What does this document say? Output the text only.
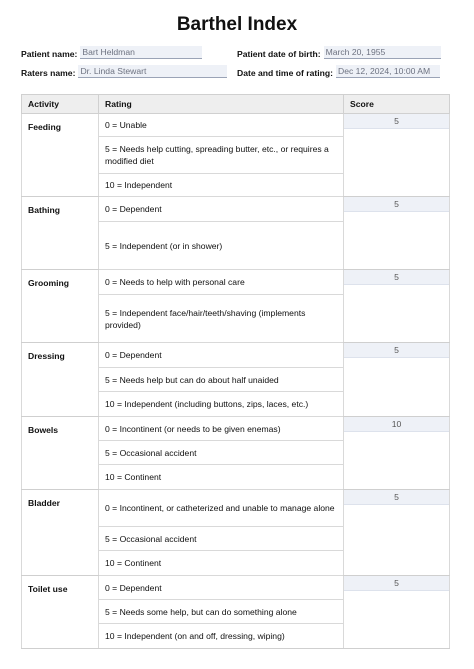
Barthel Index
Patient name: Bart Heldman	Patient date of birth: March 20, 1955
Raters name: Dr. Linda Stewart	Date and time of rating: Dec 12, 2024, 10:00 AM
Activity	Rating	Score
Feeding	0 = Unable	5

	5 = Needs help cutting, spreading butter, etc., or requires a modified diet	
	10 = Independent	
Bathing	0 = Dependent	5

	5 = Independent (or in shower)	
Grooming	0 = Needs to help with personal care	5

	5 = Independent face/hair/teeth/shaving (implements provided)	
Dressing	0 = Dependent	5

	5 = Needs help but can do about half unaided	
	10 = Independent (including buttons, zips, laces, etc.)	
Bowels	0 = Incontinent (or needs to be given enemas)	10

	5 = Occasional accident	
	10 = Continent	
Bladder	0 = Incontinent, or catheterized and unable to manage alone	5

	5 = Occasional accident	
	10 = Continent	
Toilet use	0 = Dependent	5

	5 = Needs some help, but can do something alone	
	10 = Independent (on and off, dressing, wiping)	
